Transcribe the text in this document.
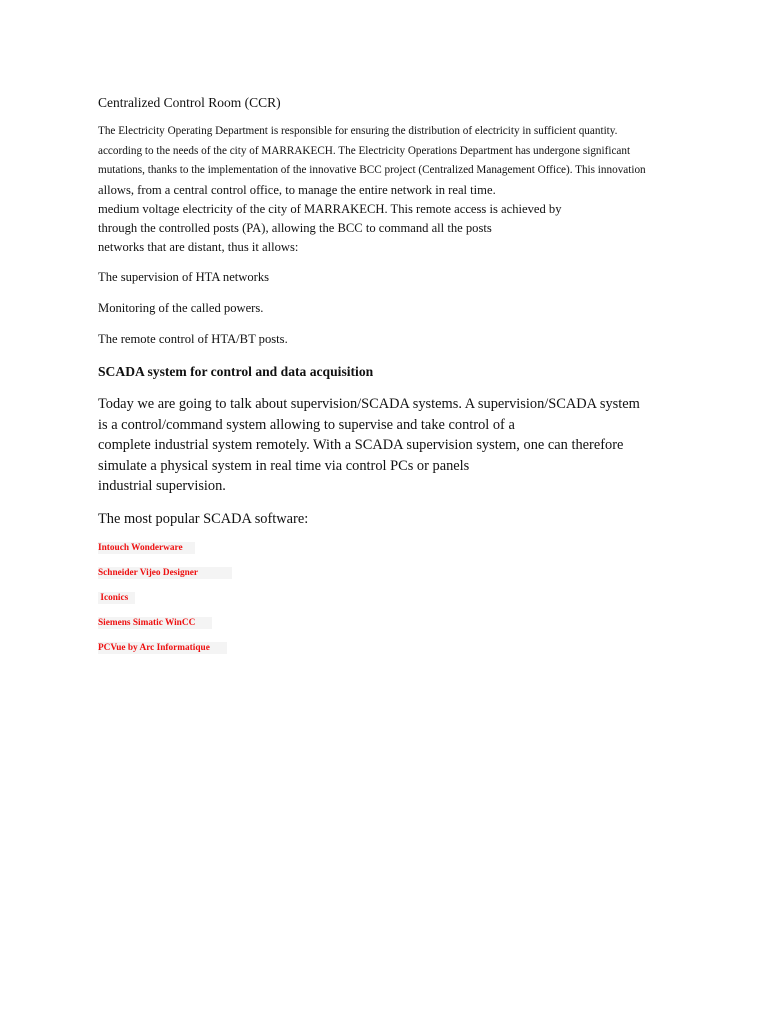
Centralized Control Room (CCR)
The Electricity Operating Department is responsible for ensuring the distribution of electricity in sufficient quantity.
according to the needs of the city of MARRAKECH. The Electricity Operations Department has undergone significant
mutations, thanks to the implementation of the innovative BCC project (Centralized Management Office). This innovation
allows, from a central control office, to manage the entire network in real time.
medium voltage electricity of the city of MARRAKECH. This remote access is achieved by
through the controlled posts (PA), allowing the BCC to command all the posts
networks that are distant, thus it allows:
The supervision of HTA networks
Monitoring of the called powers.
The remote control of HTA/BT posts.
SCADA system for control and data acquisition
Today we are going to talk about supervision/SCADA systems. A supervision/SCADA system
is a control/command system allowing to supervise and take control of a
complete industrial system remotely. With a SCADA supervision system, one can therefore
simulate a physical system in real time via control PCs or panels
industrial supervision.
The most popular SCADA software:
Intouch Wonderware
Schneider Vijeo Designer
Iconics
Siemens Simatic WinCC
PCVue by Arc Informatique
